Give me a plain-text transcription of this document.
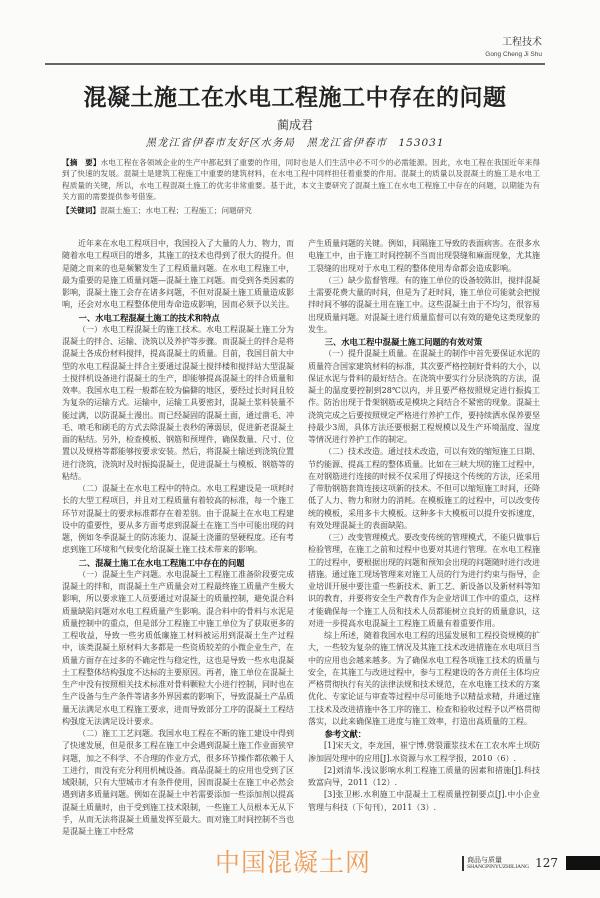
工程技术
Gong Cheng Ji Shu
混凝土施工在水电工程施工中存在的问题
蔺成君
黑龙江省伊春市友好区水务局　黑龙江省伊春市　153031
【摘　要】水电工程在各领域企业的生产中都起到了重要的作用，同时也是人们生活中必不可少的必需能源。因此，水电工程在我国近年来得到了快速的发展。混凝土是建筑工程施工中重要的建筑材料，在水电工程中同样担任着重要的作用。混凝土的质量以及混凝土的施工是水电工程质量的关键，所以，水电工程混凝土施工的优劣非常重要。基于此，本文主要研究了混凝土施工在水电工程施工中存在的问题，以期能为有关方面的需要提供参考借鉴。
【关键词】混凝土施工；水电工程；工程施工；问题研究

近年来在水电工程项目中，我国投入了大量的人力、物力，而随着水电工程项目的增多，其施工的技术也得到了很大的提升。但是随之而来的也是频繁发生了工程质量问题。在水电工程施工中，最为重要的是施工质量问题—混凝土施工问题。而受到各类因素的影响，混凝土施工会存在诸多问题，不但对混凝土施工质量造成影响，还会对水电工程整体使用寿命造成影响，因而必须予以关注。

一、水电工程混凝土施工的技术和特点

（一）水电工程混凝土的施工技术。水电工程混凝土施工分为混凝土的拌合、运输、浇筑以及养护等步骤。而混凝土的拌合是将混凝土各成份材料搅拌，提高混凝土的质量。目前，我国目前大中型的水电工程混凝土拌合主要通过混凝土搅拌楼和搅拌站大型混凝土搅拌机设备进行混凝土的生产，即能够提高混凝土的拌合质量和效率。我国水电工程一般都在较为偏僻的地区，要经过长时间且较为复杂的运输方式。运输中，运输工具要密封，混凝土浆料装量不能过满，以防混凝土漫出。而已经凝固的混凝土面，通过凿毛、冲毛、喷毛和刷毛的方式去除混凝土表秒的薄弱层，促进新老混凝土面的粘结。另外，检查模板、钢筋和预埋件，确保数量、尺寸、位置以及规格等都能够按要求安装。然后，将混凝土输送到浇筑位置进行浇筑，浇筑时及时振捣混凝土，促进混凝土与模板、钢筋等的粘结。

（二）混凝土在水电工程中的特点。水电工程建设是一项耗时长的大型工程项目，并且对工程质量有着较高的标准，每一个施工环节对混凝土的要求标准都存在着差别。由于混凝土在水电工程建设中的重要性，要从多方面考虑到混凝土在施工当中可能出现的问题，例如冬季混凝土的防冻能力、混凝土浇灌的坚硬程度。还有考虑到施工环境和气候变化给混凝土施工技术带来的影响。

二、混凝土施工在水电工程施工中存在的问题

（一）混凝土生产问题。水电混凝土工程施工准备阶段要完成混凝土的拌和，而混凝土生产质量会对工程最终施工质量产生极大影响，所以要求施工人员要通过对混凝土的质量控制，避免混合料质量缺陷问题对水电工程质量产生影响。混合料中的骨料与水泥是质量控制中的重点，但是部分工程施工中施工单位为了获取更多的工程收益，导致一些劣质低廉施工材料被运用到混凝土生产过程中，该类混凝土原材料大多都是一些资质较差的小微企业生产，在质量方面存在过多的不确定性与稳定性，这也是导致一些水电混凝土工程整体结构强度不达标的主要原因。再者，施工单位在混凝土生产中没有按照相关技术标准对骨料颗粒大小进行控制，同时也在生产设备与生产条件等诸多外界因素的影响下，导致混凝土产品质量无法满足水电工程施工要求，进而导致部分工序的混凝土工程结构强度无法满足设计要求。

（二）施工工艺问题。我国水电工程在不断的施工建设中得到了快速发展，但是很多工程在施工中会遇到混凝土施工作业面狭窄问题，加之不科学、不合理的作业方式，很多环节操作都依赖于人工进行，而没有充分利用机械设备。商品混凝土的应用也受到了区域限制，只有大型城市才有条件使用，因而混凝土在施工中必然会遇到诸多质量问题。例如在混凝土中若需要添加一些添加剂以提高混凝土质量时，由于受到施工技术限制，一些施工人员根本无从下手，从而无法将混凝土质量发挥至最大。而对施工时间控制不当也是混凝土施工中经常

产生质量问题的关键。例如，间隔施工导致的表面病害。在很多水电施工中，由于施工时间控制不当而出现裂缝和麻面现象，尤其施工裂缝的出现对于水电工程的整体使用寿命都会造成影响。

（三）缺少监督管理。有的施工单位的设备较陈旧，搅拌混凝土需要花费大量的时间，但是为了赶时间，施工单位可能就会把搅拌时间不够的混凝土用在施工中。这些混凝土由于不均匀，很容易出现质量问题。对混凝土进行质量监督可以有效的避免这类现象的发生。

三、水电工程中混凝土施工问题的有效对策

（一）提升混凝土质量。在混凝土的制作中首先要保证水泥的质量符合国家建筑材料的标准，其次要严格控制好骨料的大小，以保证水泥与骨料的最好结合。在浇筑中要实行分层浇筑的方法，混凝土的温度要控制到28℃以内，并且要严格按照规定进行振捣工作。防治出现于骨架钢筋或是模块之间结合不紧密的现象。混凝土浇筑完成之后要按照规定严格进行养护工作，要持续洒水保养要坚持最少3周，具体方法还要根据工程规模以及生产环境温度、湿度等情况进行养护工作的制定。

（二）技术改造。通过技术改造，可以有效的缩短施工日期、节约能源、提高工程的整体质量。比如在三峡大坝的施工过程中，在对钢筋进行连接的时候不仅采用了焊接这个传统的方法，还采用了带肋钢筋套筒连接这项新的技术。不但可以缩短施工时间，还降低了人力、物力和财力的消耗。在模板施工的过程中，可以改变传统的模板，采用多卡大模板。这种多卡大模板可以提升安拆速度，有效处理混凝土的表面缺陷。

（三）改变管理模式。要改变传统的管理模式，不能只做事后检验管理，在施工之前和过程中也要对其进行管理。在水电工程施工的过程中，要根据出现的问题和预知会出现的问题随时进行改进措施。通过施工现场管理来对施工人员的行为进行约束与指导，企业培训开展中要注重一些新技术、新工艺、新设备以及新材料等知识的教育，并要将安全生产教育作为企业培训工作中的重点，这样才能确保每一个施工人员和技术人员都能树立良好的质量意识，这对进一步提高水电混凝土工程施工质量有着重要作用。

综上所述，随着我国水电工程的迅猛发展和工程投资规模的扩大，一些较为复杂的施工情况及其施工技术改进措施在水电项目当中的应用也会越来越多。为了确保水电工程各项施工技术的质量与安全，在其施工与改进过程中，参与工程建设的各方责任主体均应严格贯彻执行有关的法律法规和技术规范，在水电施工技术的方案优化、专家论证与审查等过程中尽可能地予以精益求精，并通过施工技术及改进措施中各工序的施工、检查和验收过程予以严格贯彻落实，以此来确保施工进度与施工效率，打造出高质量的工程。

参考文献：

[1]宋天文，李龙国，崔宁博.劈裂灌浆技术在工农水库土坝防渗加固处理中的应用[J].水资源与水工程学报，2010（6）.

[2]刘清华.浅议影响水利工程施工质量的因素和措施[J].科技致富向导，2011（12）.

[3]张卫彬.水利施工中混凝土工程质量控制要点[J].中小企业管理与科技（下旬刊），2011（3）.

中国混凝土网	商品与质量
SHANGPINYUZHILIANG 127
